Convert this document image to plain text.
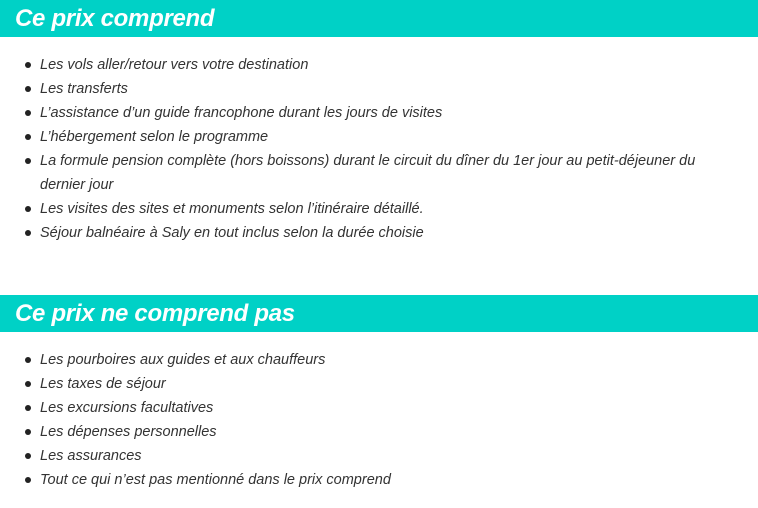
Ce prix comprend
Les vols aller/retour vers votre destination
Les transferts
L’assistance d’un guide francophone durant les jours de visites
L’hébergement selon le programme
La formule pension complète (hors boissons) durant le circuit du dîner du 1er jour au petit-déjeuner du dernier jour
Les visites des sites et monuments selon l’itinéraire détaillé.
Séjour balnéaire à Saly en tout inclus selon la durée choisie
Ce prix ne comprend pas
Les pourboires aux guides et aux chauffeurs
Les taxes de séjour
Les excursions facultatives
Les dépenses personnelles
Les assurances
Tout ce qui n’est pas mentionné dans le prix comprend
